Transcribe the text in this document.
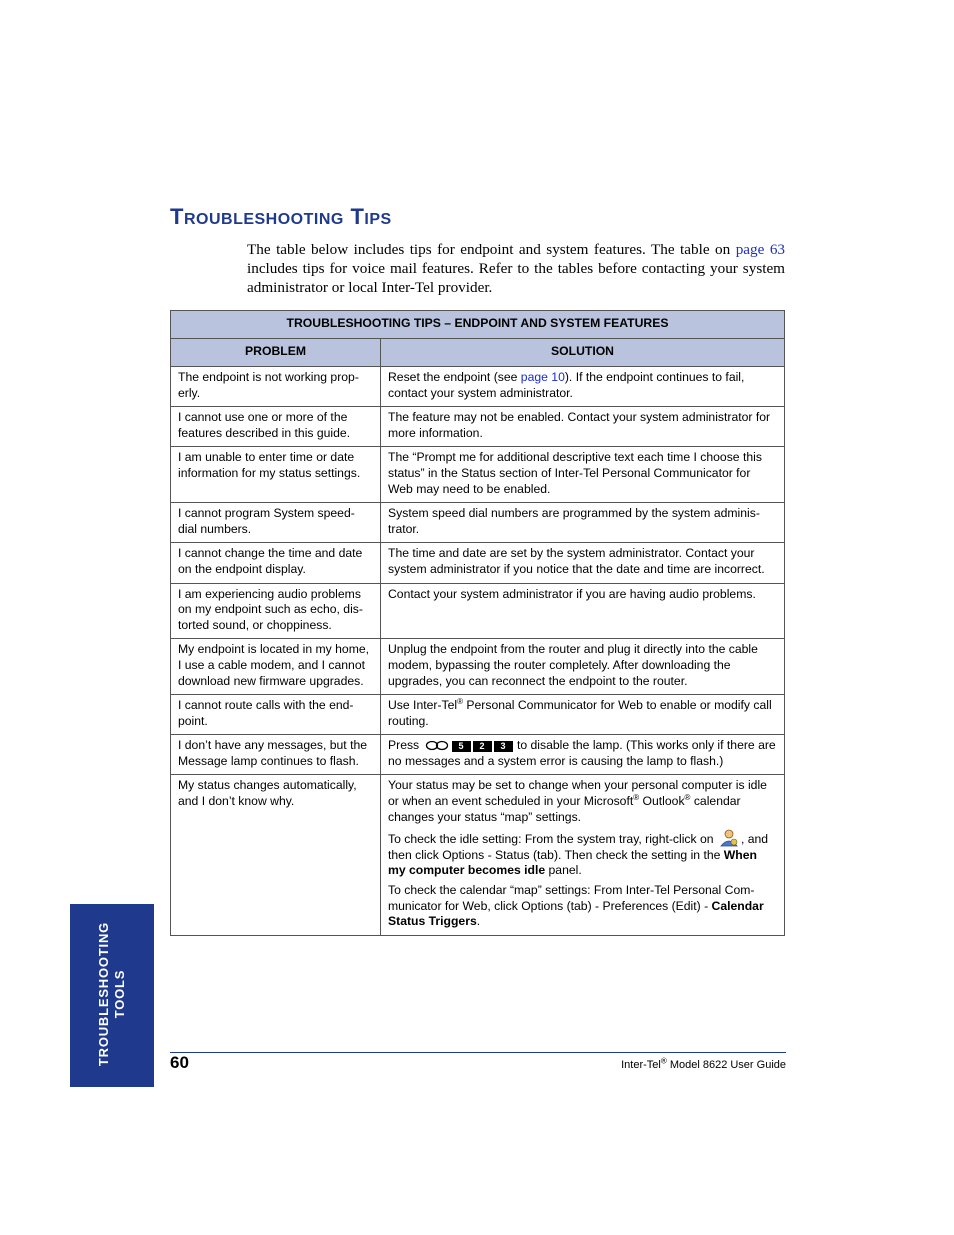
TROUBLESHOOTING TIPS

The table below includes tips for endpoint and system features. The table on page 63 includes tips for voice mail features. Refer to the tables before contacting your system administrator or local Inter-Tel provider.

TROUBLESHOOTING TIPS – ENDPOINT AND SYSTEM FEATURES	
PROBLEM	SOLUTION
The endpoint is not working prop-erly.	Reset the endpoint (see page 10). If the endpoint continues to fail, contact your system administrator.
I cannot use one or more of the features described in this guide.	The feature may not be enabled. Contact your system administrator for more information.
I am unable to enter time or date information for my status settings.	The “Prompt me for additional descriptive text each time I choose this status” in the Status section of Inter-Tel Personal Communicator for Web may need to be enabled.
I cannot program System speed-dial numbers.	System speed dial numbers are programmed by the system adminis-trator.
I cannot change the time and date on the endpoint display.	The time and date are set by the system administrator. Contact your system administrator if you notice that the date and time are incorrect.
I am experiencing audio problems on my endpoint such as echo, dis-torted sound, or choppiness.	Contact your system administrator if you are having audio problems.
My endpoint is located in my home, I use a cable modem, and I cannot download new firmware upgrades.	Unplug the endpoint from the router and plug it directly into the cable modem, bypassing the router completely. After downloading the upgrades, you can reconnect the endpoint to the router.
I cannot route calls with the end-point.	Use Inter-Tel® Personal Communicator for Web to enable or modify call routing.
I don’t have any messages, but the Message lamp continues to flash.	Press 5 2 3 to disable the lamp. (This works only if there are no messages and a system error is causing the lamp to flash.)
My status changes automatically, and I don’t know why.	Your status may be set to change when your personal computer is idle or when an event scheduled in your Microsoft® Outlook® calendar changes your status “map” settings.

To check the idle setting: From the system tray, right-click on , and then click Options - Status (tab). Then check the setting in the When my computer becomes idle panel.

To check the calendar “map” settings: From Inter-Tel Personal Com-municator for Web, click Options (tab) - Preferences (Edit) - Calendar Status Triggers.

TROUBLESHOOTING TOOLS
60	Inter-Tel® Model 8622 User Guide
